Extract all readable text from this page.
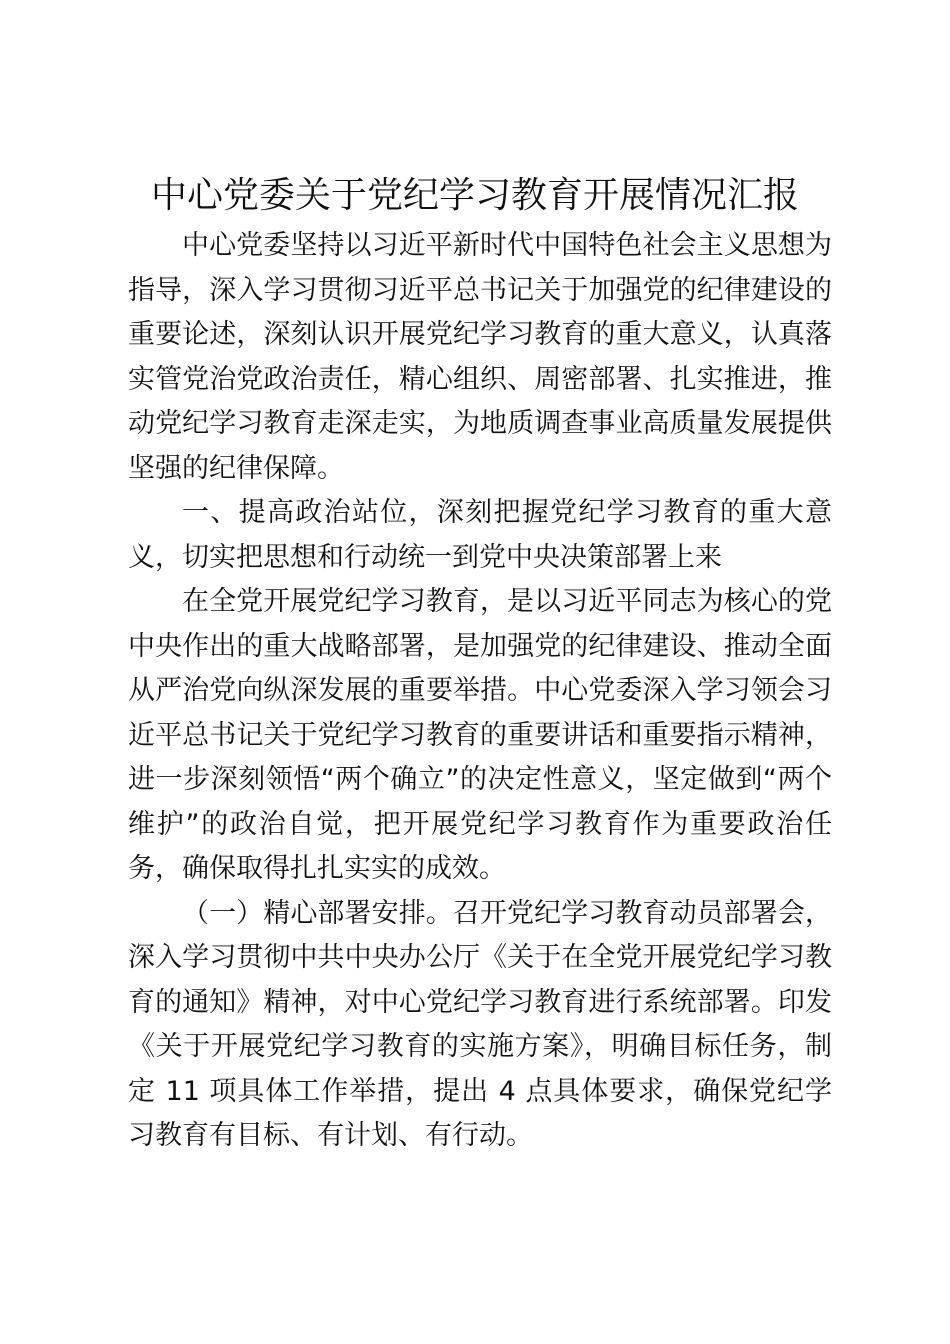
中心党委关于党纪学习教育开展情况汇报

中心党委坚持以习近平新时代中国特色社会主义思想为指导，深入学习贯彻习近平总书记关于加强党的纪律建设的重要论述，深刻认识开展党纪学习教育的重大意义，认真落实管党治党政治责任，精心组织、周密部署、扎实推进，推动党纪学习教育走深走实，为地质调查事业高质量发展提供坚强的纪律保障。

一、提高政治站位，深刻把握党纪学习教育的重大意义，切实把思想和行动统一到党中央决策部署上来

在全党开展党纪学习教育，是以习近平同志为核心的党中央作出的重大战略部署，是加强党的纪律建设、推动全面从严治党向纵深发展的重要举措。中心党委深入学习领会习近平总书记关于党纪学习教育的重要讲话和重要指示精神，进一步深刻领悟“两个确立”的决定性意义，坚定做到“两个维护”的政治自觉，把开展党纪学习教育作为重要政治任务，确保取得扎扎实实的成效。

（一）精心部署安排。召开党纪学习教育动员部署会，深入学习贯彻中共中央办公厅《关于在全党开展党纪学习教育的通知》精神，对中心党纪学习教育进行系统部署。印发《关于开展党纪学习教育的实施方案》，明确目标任务，制定 11 项具体工作举措，提出 4 点具体要求，确保党纪学习教育有目标、有计划、有行动。
